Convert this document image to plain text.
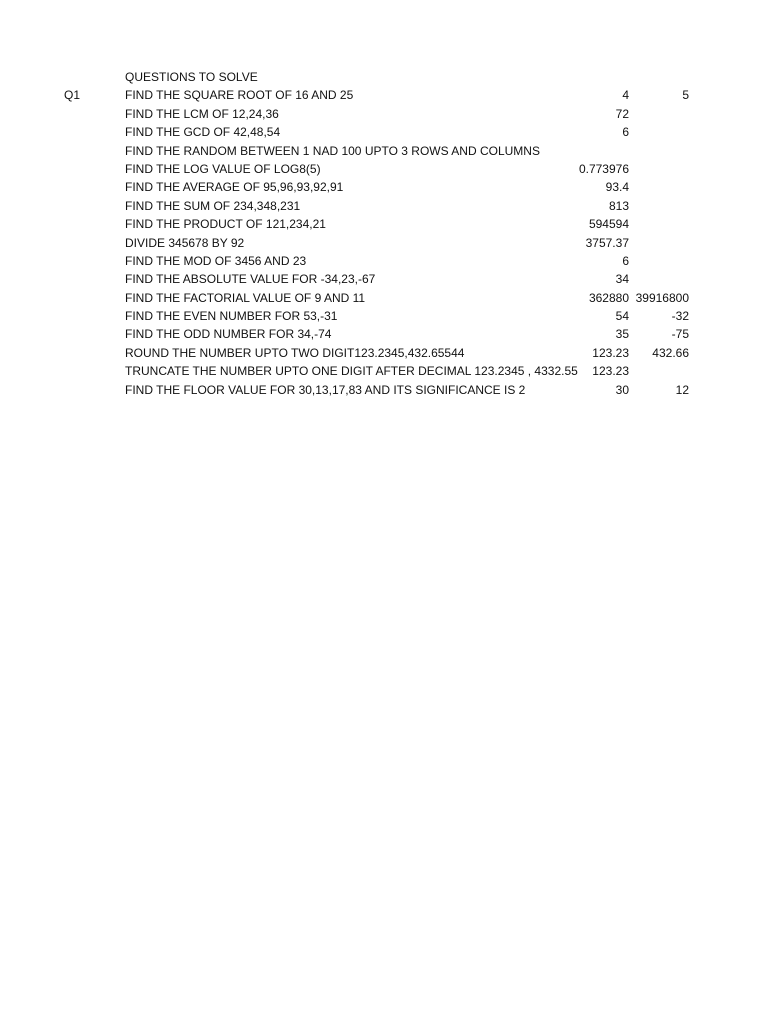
QUESTIONS TO SOLVE
Q1	FIND THE SQUARE ROOT OF 16 AND 25	4	5
FIND THE LCM OF 12,24,36	72
FIND THE GCD OF 42,48,54	6
FIND THE RANDOM BETWEEN 1 NAD 100 UPTO 3 ROWS AND COLUMNS
FIND THE LOG VALUE OF LOG8(5)	0.773976
FIND THE AVERAGE OF 95,96,93,92,91	93.4
FIND THE SUM OF 234,348,231	813
FIND THE PRODUCT OF 121,234,21	594594
DIVIDE 345678 BY 92	3757.37
FIND THE MOD OF 3456 AND 23	6
FIND THE ABSOLUTE VALUE FOR -34,23,-67	34
FIND THE FACTORIAL VALUE OF 9 AND 11	362880 39916800
FIND THE EVEN NUMBER FOR 53,-31	54	-32
FIND THE ODD NUMBER FOR 34,-74	35	-75
ROUND THE NUMBER UPTO TWO DIGIT123.2345,432.65544	123.23	432.66
TRUNCATE THE NUMBER UPTO ONE DIGIT AFTER DECIMAL 123.2345 , 4332.55	123.23
FIND THE FLOOR VALUE FOR 30,13,17,83 AND ITS SIGNIFICANCE IS 2	30	12
